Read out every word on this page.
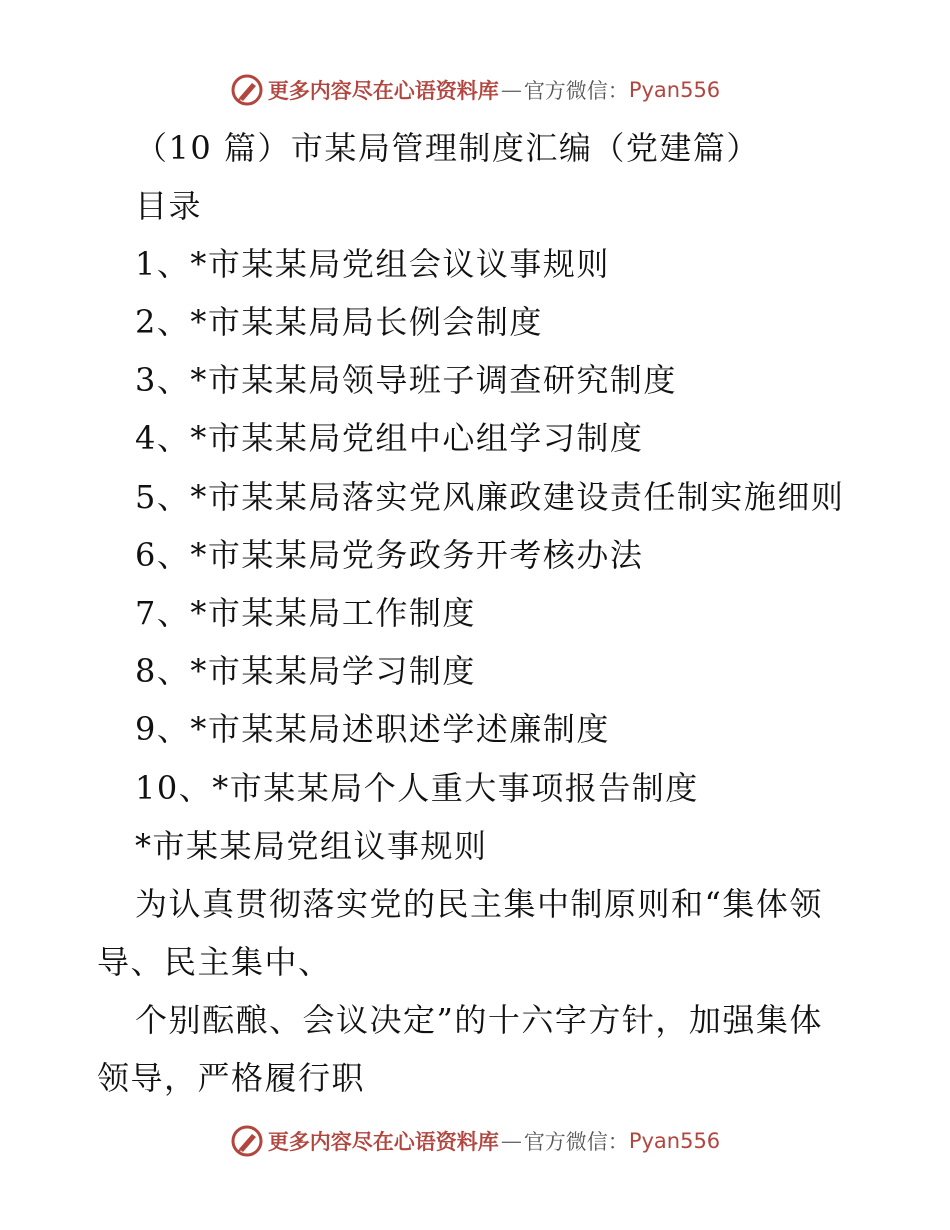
更多内容尽在心语资料库 — 官方微信： Pyan556
（10 篇）市某局管理制度汇编（党建篇）
目录
1、*市某某局党组会议议事规则
2、*市某某局局长例会制度
3、*市某某局领导班子调查研究制度
4、*市某某局党组中心组学习制度
5、*市某某局落实党风廉政建设责任制实施细则
6、*市某某局党务政务开考核办法
7、*市某某局工作制度
8、*市某某局学习制度
9、*市某某局述职述学述廉制度
10、*市某某局个人重大事项报告制度
*市某某局党组议事规则
为认真贯彻落实党的民主集中制原则和“集体领
导、民主集中、
个别酝酿、会议决定”的十六字方针，加强集体
领导，严格履行职
更多内容尽在心语资料库 — 官方微信： Pyan556
